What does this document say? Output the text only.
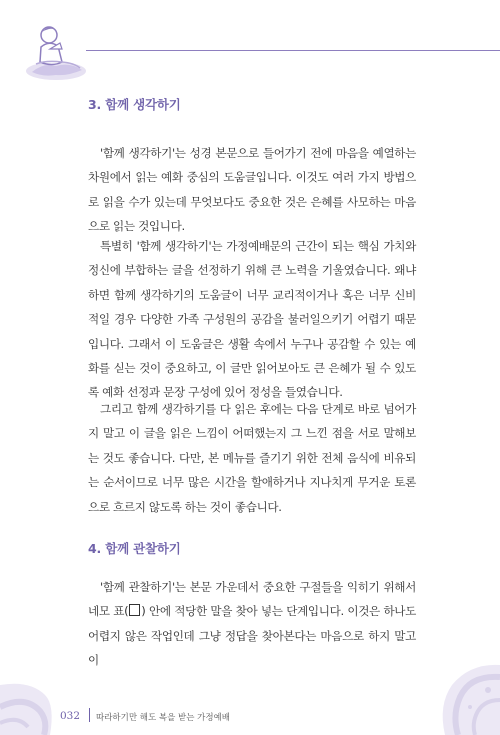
3. 함께 생각하기

'함께 생각하기'는 성경 본문으로 들어가기 전에 마음을 예열하는 차원에서 읽는 예화 중심의 도움글입니다. 이것도 여러 가지 방법으로 읽을 수가 있는데 무엇보다도 중요한 것은 은혜를 사모하는 마음으로 읽는 것입니다.

특별히 '함께 생각하기'는 가정예배문의 근간이 되는 핵심 가치와 정신에 부합하는 글을 선정하기 위해 큰 노력을 기울였습니다. 왜냐하면 함께 생각하기의 도움글이 너무 교리적이거나 혹은 너무 신비적일 경우 다양한 가족 구성원의 공감을 불러일으키기 어렵기 때문입니다. 그래서 이 도움글은 생활 속에서 누구나 공감할 수 있는 예화를 싣는 것이 중요하고, 이 글만 읽어보아도 큰 은혜가 될 수 있도록 예화 선정과 문장 구성에 있어 정성을 들였습니다.

그리고 함께 생각하기를 다 읽은 후에는 다음 단계로 바로 넘어가지 말고 이 글을 읽은 느낌이 어떠했는지 그 느낀 점을 서로 말해보는 것도 좋습니다. 다만, 본 메뉴를 즐기기 위한 전체 음식에 비유되는 순서이므로 너무 많은 시간을 할애하거나 지나치게 무거운 토론으로 흐르지 않도록 하는 것이 좋습니다.

4. 함께 관찰하기

'함께 관찰하기'는 본문 가운데서 중요한 구절들을 익히기 위해서 네모 표( ) 안에 적당한 말을 찾아 넣는 단계입니다. 이것은 하나도 어렵지 않은 작업인데 그냥 정답을 찾아본다는 마음으로 하지 말고 이

032 따라하기만 해도 복을 받는 가정예배
